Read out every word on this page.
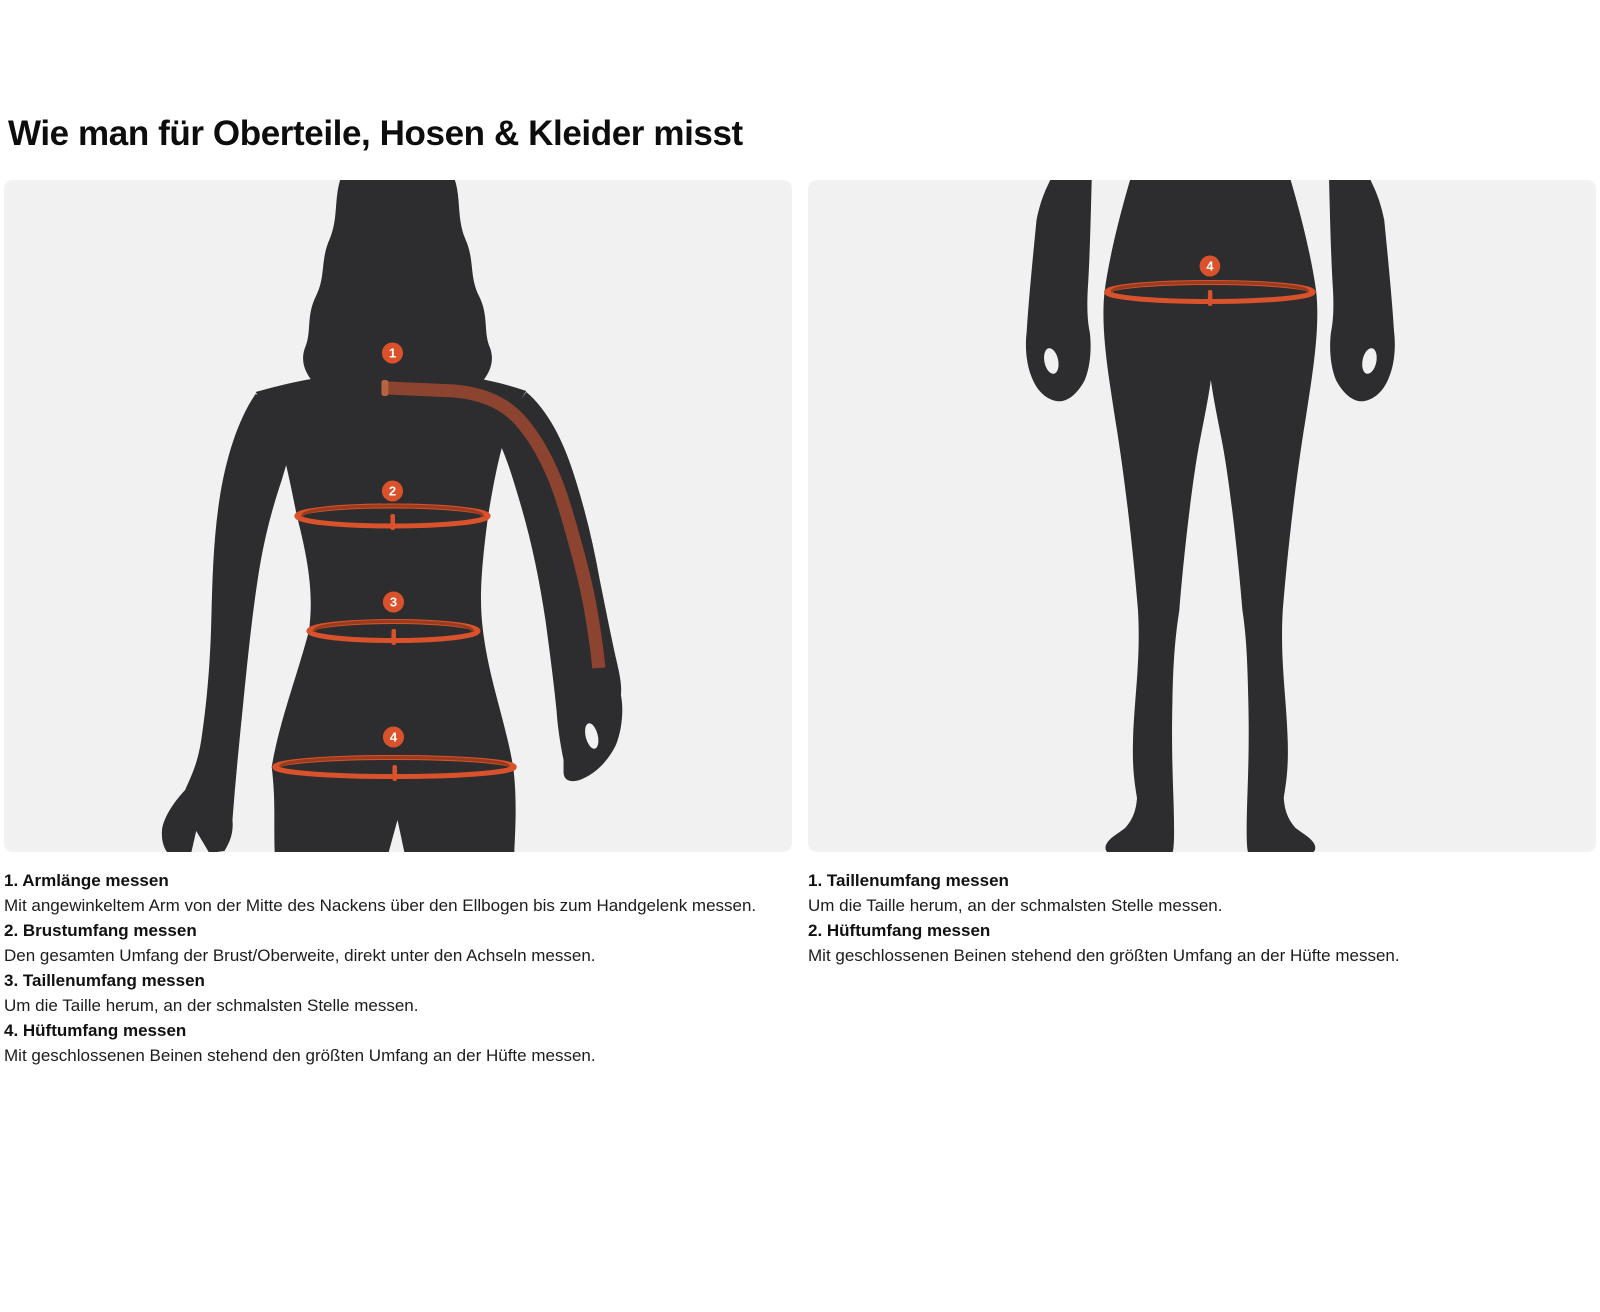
Wie man für Oberteile, Hosen & Kleider misst
1
2
3
4
4

1. Armlänge messen

Mit angewinkeltem Arm von der Mitte des Nackens über den Ellbogen bis zum Handgelenk messen.

2. Brustumfang messen

Den gesamten Umfang der Brust/Oberweite, direkt unter den Achseln messen.

3. Taillenumfang messen

Um die Taille herum, an der schmalsten Stelle messen.

4. Hüftumfang messen

Mit geschlossenen Beinen stehend den größten Umfang an der Hüfte messen.

1. Taillenumfang messen

Um die Taille herum, an der schmalsten Stelle messen.

2. Hüftumfang messen

Mit geschlossenen Beinen stehend den größten Umfang an der Hüfte messen.
